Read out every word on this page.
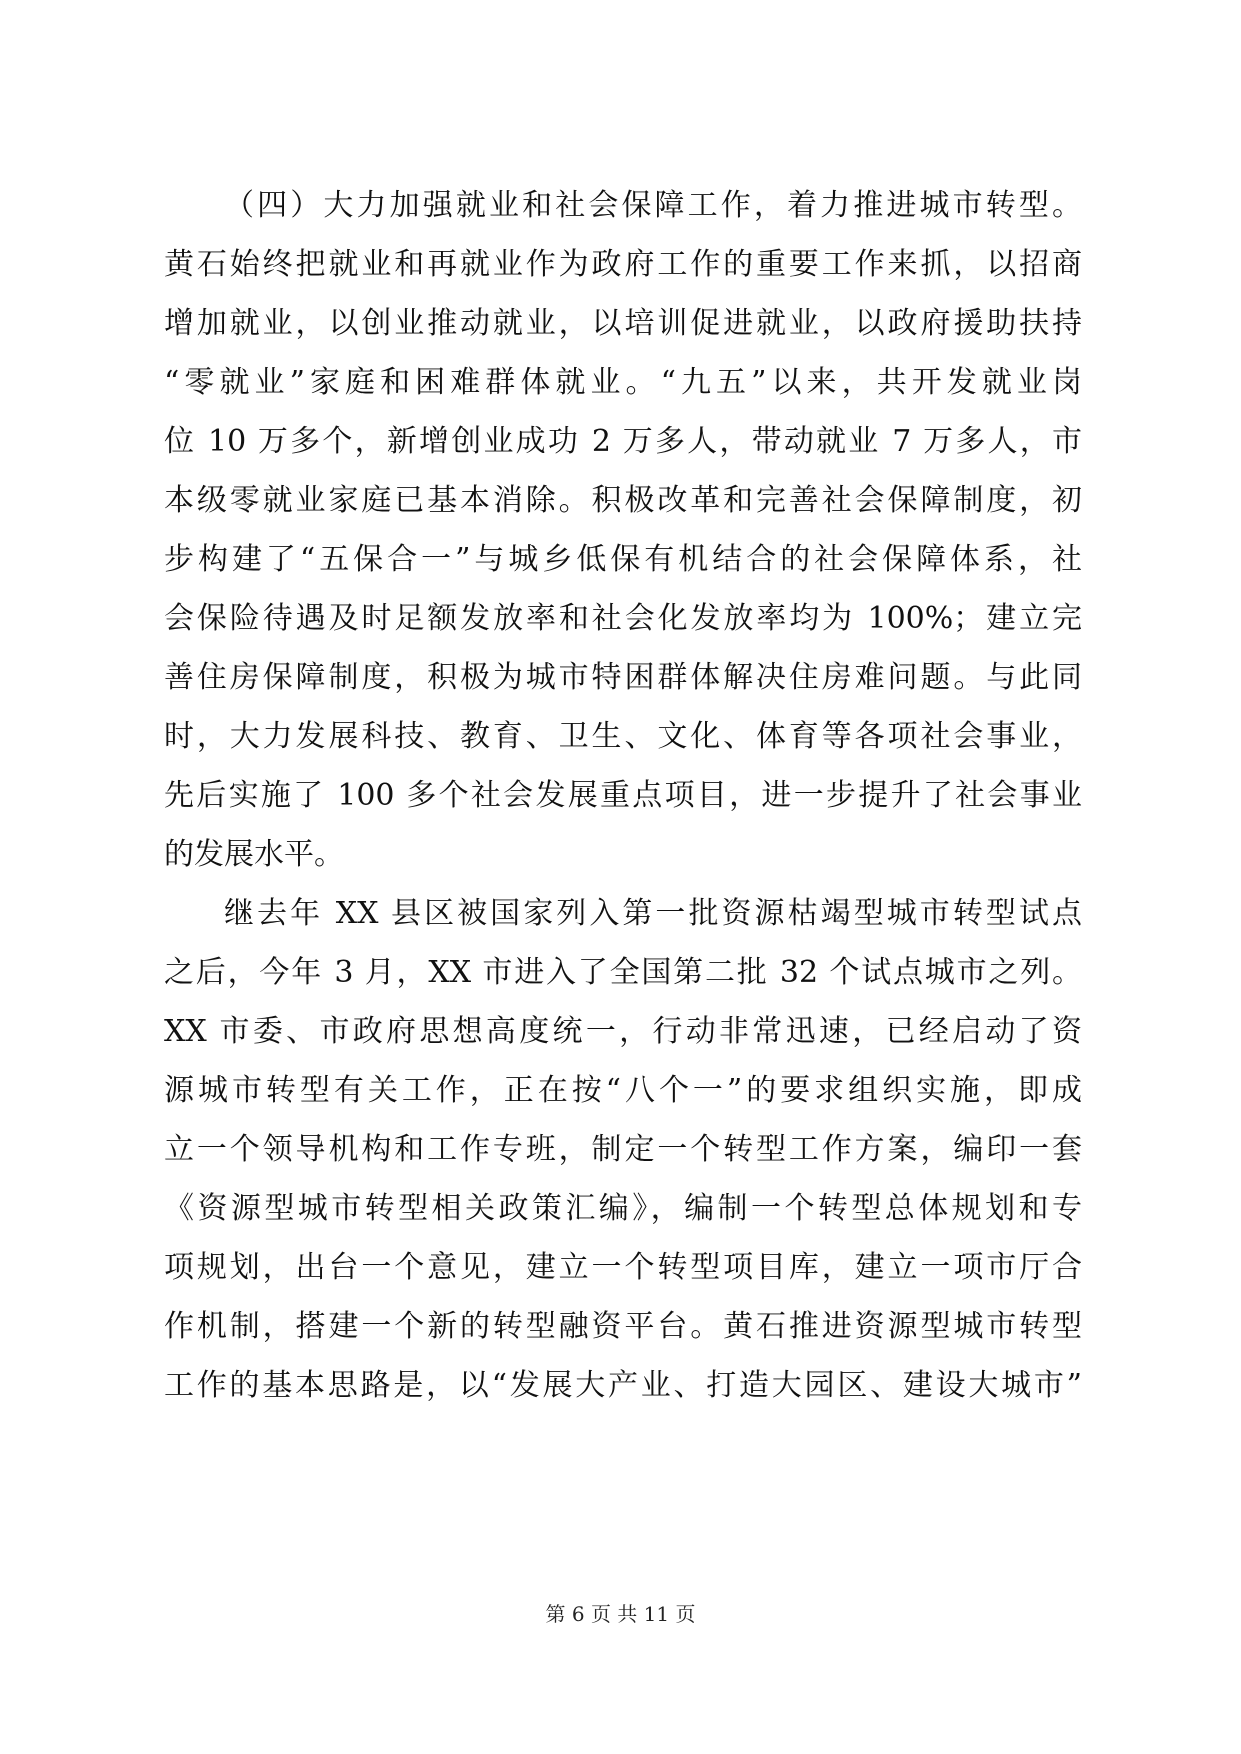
（四）大力加强就业和社会保障工作，着力推进城市转型。
黄石始终把就业和再就业作为政府工作的重要工作来抓，以招商
增加就业，以创业推动就业，以培训促进就业，以政府援助扶持
“零就业”家庭和困难群体就业。“九五”以来，共开发就业岗
位 10 万多个，新增创业成功 2 万多人，带动就业 7 万多人，市
本级零就业家庭已基本消除。积极改革和完善社会保障制度，初
步构建了“五保合一”与城乡低保有机结合的社会保障体系，社
会保险待遇及时足额发放率和社会化发放率均为 100%；建立完
善住房保障制度，积极为城市特困群体解决住房难问题。与此同
时，大力发展科技、教育、卫生、文化、体育等各项社会事业，
先后实施了 100 多个社会发展重点项目，进一步提升了社会事业
的发展水平。
继去年 XX 县区被国家列入第一批资源枯竭型城市转型试点
之后，今年 3 月，XX 市进入了全国第二批 32 个试点城市之列。
XX 市委、市政府思想高度统一，行动非常迅速，已经启动了资
源城市转型有关工作，正在按“八个一”的要求组织实施，即成
立一个领导机构和工作专班，制定一个转型工作方案，编印一套
《资源型城市转型相关政策汇编》，编制一个转型总体规划和专
项规划，出台一个意见，建立一个转型项目库，建立一项市厅合
作机制，搭建一个新的转型融资平台。黄石推进资源型城市转型
工作的基本思路是，以“发展大产业、打造大园区、建设大城市”
第 6 页 共 11 页
